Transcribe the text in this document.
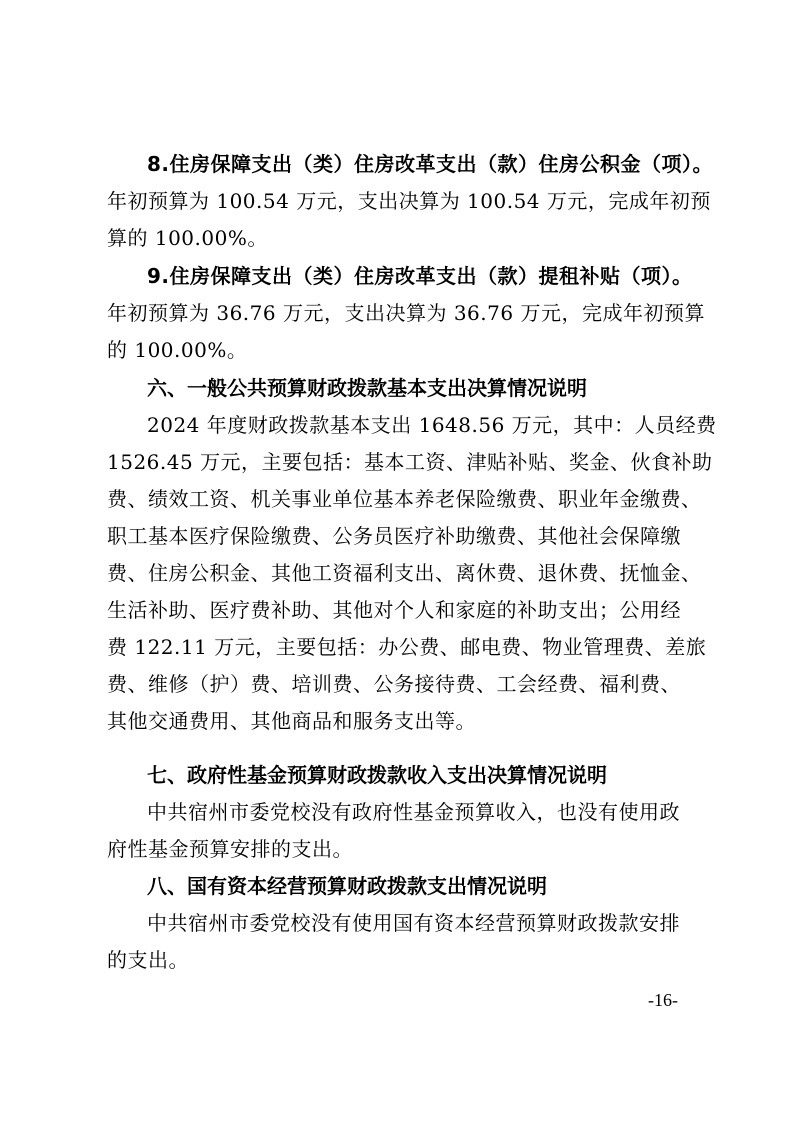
8.住房保障支出（类）住房改革支出（款）住房公积金（项）。
年初预算为 100.54 万元，支出决算为 100.54 万元，完成年初预
算的 100.00%。
9.住房保障支出（类）住房改革支出（款）提租补贴（项）。
年初预算为 36.76 万元，支出决算为 36.76 万元，完成年初预算
的 100.00%。
六、一般公共预算财政拨款基本支出决算情况说明
2024 年度财政拨款基本支出 1648.56 万元，其中：人员经费
1526.45 万元，主要包括：基本工资、津贴补贴、奖金、伙食补助
费、绩效工资、机关事业单位基本养老保险缴费、职业年金缴费、
职工基本医疗保险缴费、公务员医疗补助缴费、其他社会保障缴
费、住房公积金、其他工资福利支出、离休费、退休费、抚恤金、
生活补助、医疗费补助、其他对个人和家庭的补助支出；公用经
费 122.11 万元，主要包括：办公费、邮电费、物业管理费、差旅
费、维修（护）费、培训费、公务接待费、工会经费、福利费、
其他交通费用、其他商品和服务支出等。
七、政府性基金预算财政拨款收入支出决算情况说明
中共宿州市委党校没有政府性基金预算收入，也没有使用政
府性基金预算安排的支出。
八、国有资本经营预算财政拨款支出情况说明
中共宿州市委党校没有使用国有资本经营预算财政拨款安排
的支出。
-16-
